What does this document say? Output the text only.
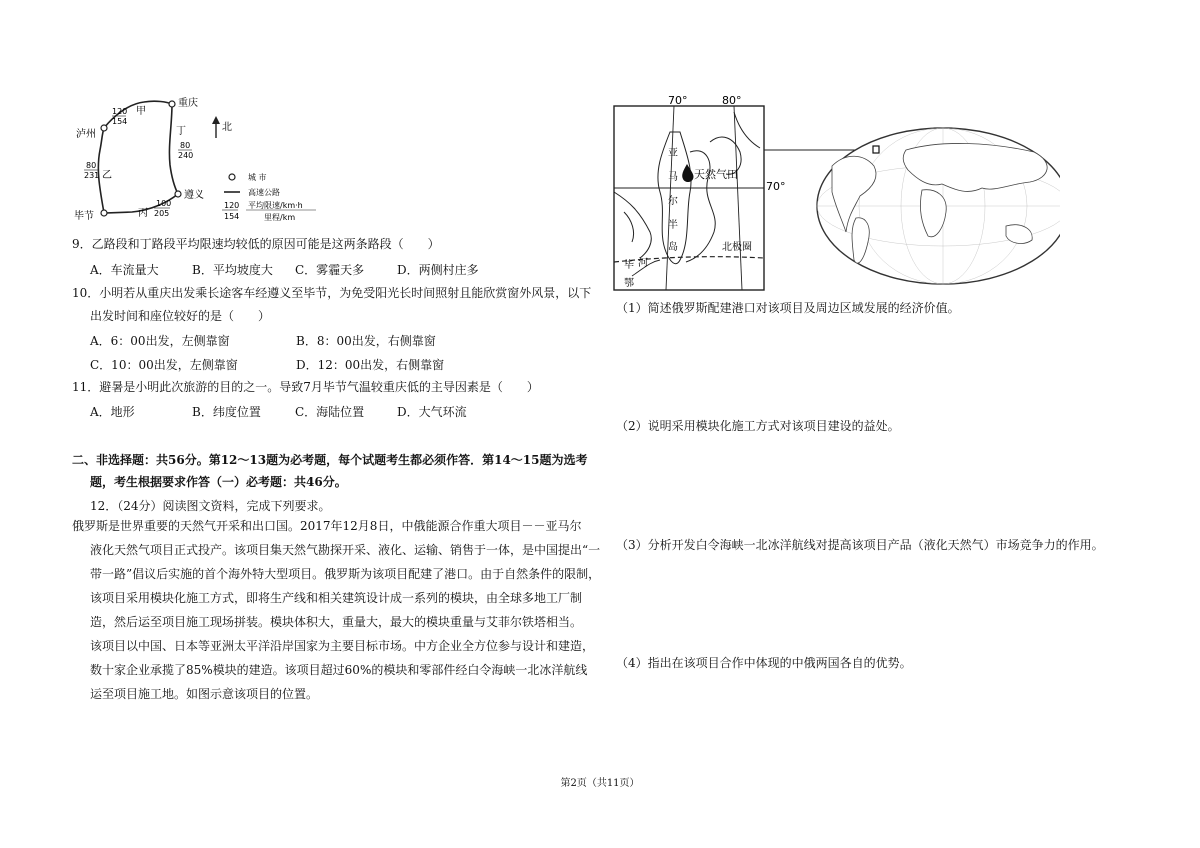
重庆
泸州
遵义
毕节
甲
120
154
丁
80
240
乙
80
231
丙
100
205
北
城 市
高速公路
120
154
平均限速/km·h
里程/km
9．乙路段和丁路段平均限速均较低的原因可能是这两条路段（　　）
A．车流量大	B．平均坡度大 C．雾霾天多	D．两侧村庄多
10．小明若从重庆出发乘长途客车经遵义至毕节，为免受阳光长时间照射且能欣赏窗外风景，以下
出发时间和座位较好的是（　　）
A．6：00出发，左侧靠窗	B．8：00出发，右侧靠窗
C．10：00出发，左侧靠窗	D．12：00出发，右侧靠窗
11．避暑是小明此次旅游的目的之一。导致7月毕节气温较重庆低的主导因素是（　　）
A．地形	B．纬度位置	C．海陆位置	D．大气环流
二、非选择题：共56分。第12～13题为必考题，每个试题考生都必须作答．第14～15题为选考
题，考生根据要求作答（一）必考题：共46分。
12．（24分）阅读图文资料，完成下列要求。
俄罗斯是世界重要的天然气开采和出口国。2017年12月8日，中俄能源合作重大项目－－亚马尔
液化天然气项目正式投产。该项目集天然气勘探开采、液化、运输、销售于一体，是中国提出“一
带一路”倡议后实施的首个海外特大型项目。俄罗斯为该项目配建了港口。由于自然条件的限制，
该项目采用模块化施工方式，即将生产线和相关建筑设计成一系列的模块，由全球多地工厂制
造，然后运至项目施工现场拼装。模块体积大，重量大，最大的模块重量与艾菲尔铁塔相当。
该项目以中国、日本等亚洲太平洋沿岸国家为主要目标市场。中方企业全方位参与设计和建造，
数十家企业承揽了85%模块的建造。该项目超过60%的模块和零部件经白令海峡一北冰洋航线
运至项目施工地。如图示意该项目的位置。
70°	80°
70°
亚
马
尔
半
岛
天然气田
北极圈
毕 河
鄂
（1）简述俄罗斯配建港口对该项目及周边区域发展的经济价值。
（2）说明采用模块化施工方式对该项目建设的益处。
（3）分析开发白令海峡一北冰洋航线对提高该项目产品（液化天然气）市场竞争力的作用。
（4）指出在该项目合作中体现的中俄两国各自的优势。
第2页（共11页）
